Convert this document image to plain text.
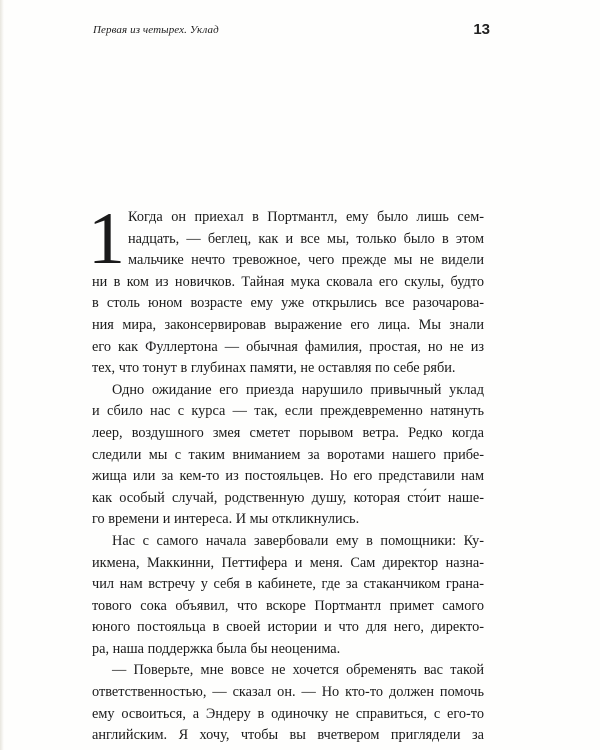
Первая из четырех. Уклад	13
1 Когда он приехал в Портмантл, ему было лишь сем-
надцать, — беглец, как и все мы, только было в этом
мальчике нечто тревожное, чего прежде мы не видели
ни в ком из новичков. Тайная мука сковала его скулы, будто
в столь юном возрасте ему уже открылись все разочарова-
ния мира, законсервировав выражение его лица. Мы знали
его как Фуллертона — обычная фамилия, простая, но не из
тех, что тонут в глубинах памяти, не оставляя по себе ряби.
Одно ожидание его приезда нарушило привычный уклад
и сбило нас с курса — так, если преждевременно натянуть
леер, воздушного змея сметет порывом ветра. Редко когда
следили мы с таким вниманием за воротами нашего прибе-
жища или за кем-то из постояльцев. Но его представили нам
как особый случай, родственную душу, которая сто́ит наше-
го времени и интереса. И мы откликнулись.
Нас с самого начала завербовали ему в помощники: Ку-
икмена, Маккинни, Петтифера и меня. Сам директор назна-
чил нам встречу у себя в кабинете, где за стаканчиком грана-
тового сока объявил, что вскоре Портмантл примет самого
юного постояльца в своей истории и что для него, директо-
ра, наша поддержка была бы неоценима.
— Поверьте, мне вовсе не хочется обременять вас такой
ответственностью, — сказал он. — Но кто-то должен помочь
ему освоиться, а Эндеру в одиночку не справиться, с его-то
английским. Я хочу, чтобы вы вчетвером приглядели за
